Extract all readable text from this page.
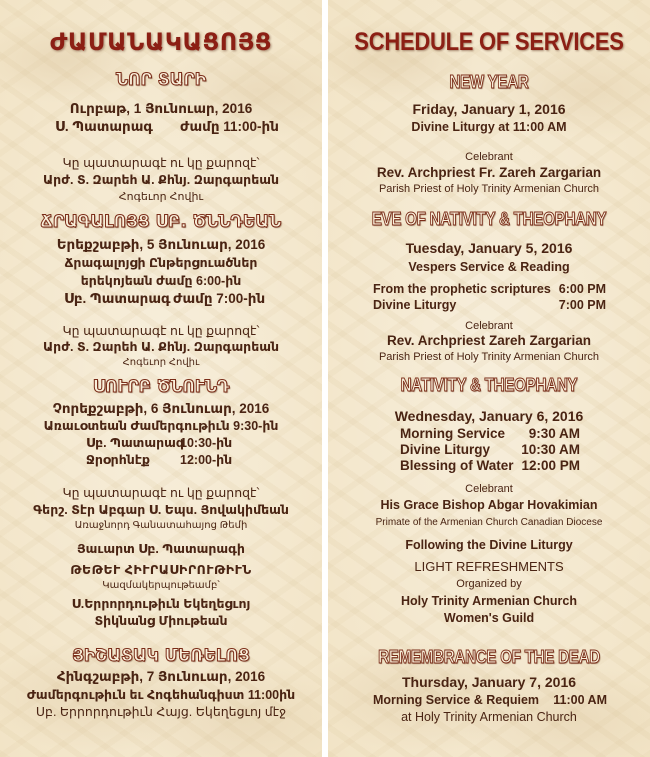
ԺԱՄԱՆԱԿԱՑՈՅՑ
ՆՈՐ ՏԱՐԻ
Ուրբաթ, 1 Յունուար, 2016
Ս. Պատարագ ժամը 11:00-ին
Կը պատարագէ ու կը քարոզէ՝
Արժ. Տ. Զարեհ Ա. Քհնյ. Զարգարեան
Հոգեւոր Հովիւ
ՃՐԱԳԱԼՈՅՑ ՍԲ. ԾՆՆԴԵԱՆ
Երեքշաբթի, 5 Յունուար, 2016
Ճրագալոյցի Ընթերցուածներ
երեկոյեան ժամը 6:00-ին
Սբ. Պատարագ ժամը 7:00-ին
Կը պատարագէ ու կը քարոզէ՝
Արժ. Տ. Զարեհ Ա. Քհնյ. Զարգարեան
Հոգեւոր Հովիւ
ՍՈՒՐԲ ԾՆՈՒՆԴ
Չորեքշաբթի, 6 Յունուար, 2016
Առաւօտեան Ժամերգութիւն 9:30-ին
Սբ. Պատարագ
10:30-ին
Ջրօրհնէք 12:00-ին
Կը պատարագէ ու կը քարոզէ՝
Գերշ. Տէր Աբգար Ս. Եպս. Յովակիմեան
Առաջնորդ Գանատահայոց Թեմի
Յաւարտ Սբ. Պատարագի
ԹԵԹԵՒ ՀԻՒՐԱՍԻՐՈՒԹԻՒՆ
Կազմակերպութեամբ՝
Ս.Երրորդութիւն Եկեղեցւոյ
Տիկնանց Միութեան
ՅԻՇԱՏԱԿ ՄԵՌԵԼՈՑ
Հինգշաբթի, 7 Յունուար, 2016
Ժամերգութիւն եւ Հոգեհանգիստ 11:00ին
Սբ. Երրորդութիւն Հայց. Եկեղեցւոյ մէջ
SCHEDULE OF SERVICES
NEW YEAR
Friday, January 1, 2016
Divine Liturgy at 11:00 AM
Celebrant
Rev. Archpriest Fr. Zareh Zargarian
Parish Priest of Holy Trinity Armenian Church
EVE OF NATIVITY & THEOPHANY
Tuesday, January 5, 2016
Vespers Service & Reading
From the prophetic scriptures 6:00 PM
Divine Liturgy	7:00 PM
Celebrant
Rev. Archpriest Zareh Zargarian
Parish Priest of Holy Trinity Armenian Church
NATIVITY & THEOPHANY
Wednesday, January 6, 2016
Morning Service 9:30 AM
Divine Liturgy 10:30 AM
Blessing of Water 12:00 PM
Celebrant
His Grace Bishop Abgar Hovakimian
Primate of the Armenian Church Canadian Diocese
Following the Divine Liturgy
LIGHT REFRESHMENTS
Organized by
Holy Trinity Armenian Church
Women's Guild
REMEMBRANCE OF THE DEAD
Thursday, January 7, 2016
Morning Service & Requiem 11:00 AM
at Holy Trinity Armenian Church
